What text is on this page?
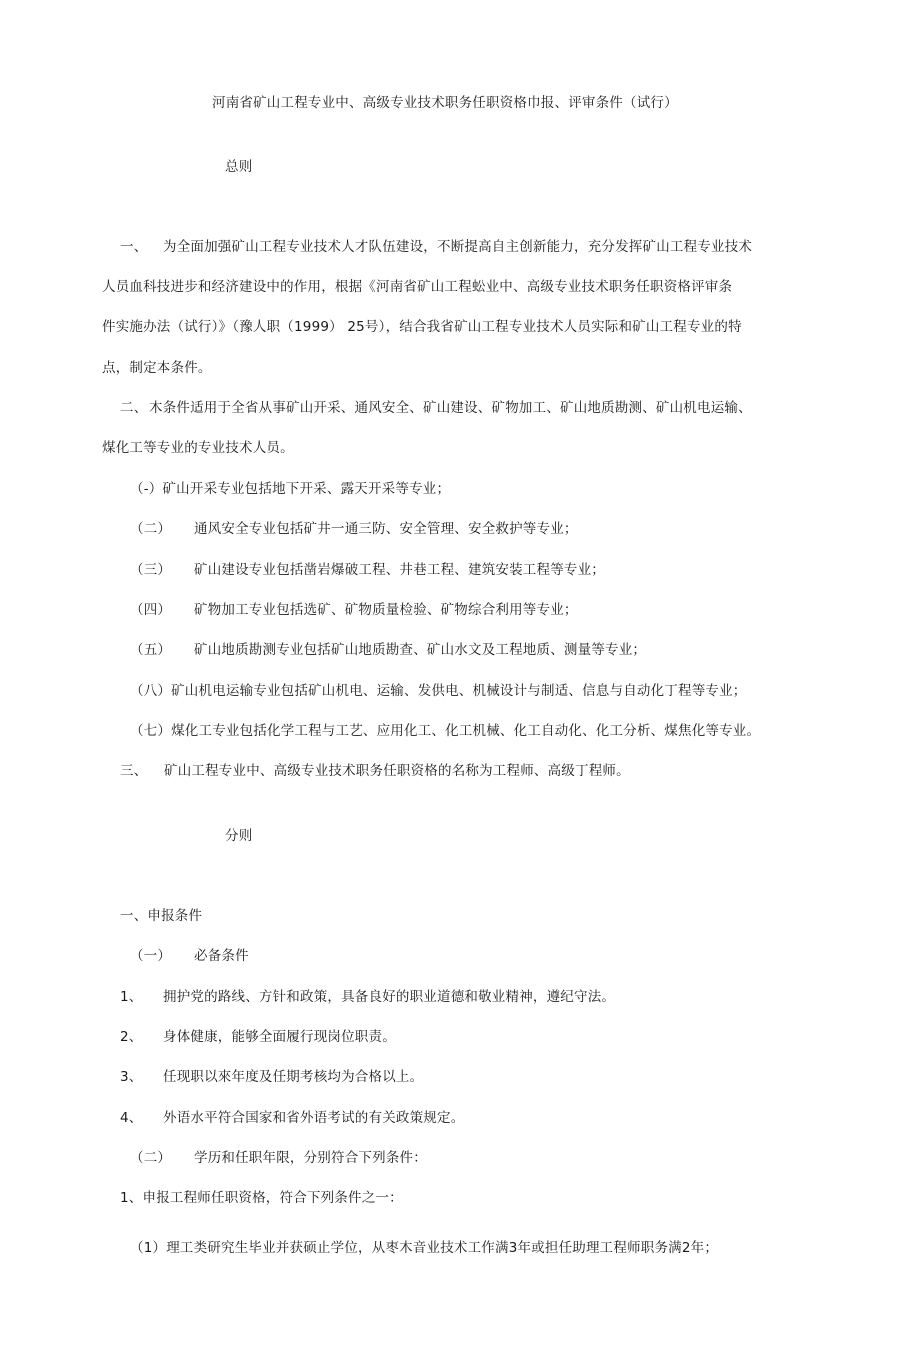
河南省矿山工程专业中、高级专业技术职务任职资格巾报、评审条件（试行）
总则
一、 为全面加强矿山工程专业技术人才队伍建设，不断提高自主创新能力，充分发挥矿山工程专业技术
人员血科技进步和经济建设中的作用，根据《河南省矿山工程蚣业中、高级专业技术职务任职资格评审条
件实施办法（试行）》（豫人职（1999） 25号），结合我省矿山工程专业技术人员实际和矿山工程专业的特
点，制定本条件。
二、 木条件适用于全省从事矿山开采、通风安全、矿山建设、矿物加工、矿山地质勘测、矿山机电运输、
煤化工等专业的专业技术人员。
（-）矿山开采专业包括地下开采、露天开采等专业；
（二） 通风安全专业包括矿井一通三防、安全管理、安全救护等专业；
（三） 矿山建设专业包括凿岩爆破工程、井巷工程、建筑安装工程等专业；
（四） 矿物加工专业包括选矿、矿物质量检验、矿物综合利用等专业；
（五） 矿山地质勘测专业包括矿山地质勘查、矿山水文及工程地质、测量等专业；
（八）矿山机电运输专业包括矿山机电、运输、发供电、机械设计与制适、信息与自动化丁程等专业；
（七）煤化工专业包括化学工程与工艺、应用化工、化工机械、化工自动化、化工分析、煤焦化等专业。
三、 矿山工程专业中、高级专业技术职务任职资格的名称为工程师、高级丁程师。
分则
一、申报条件
（一） 必备条件
1、 拥护党的路线、方针和政策，具备良好的职业道德和敬业精神，遵纪守法。
2、 身体健康，能够全面履行现岗位职责。
3、 任现职以來年度及任期考核均为合格以上。
4、 外语水平符合国家和省外语考试的有关政策规定。
（二） 学历和任职年限，分别符合下列条件：
1、申报工程师任职资格，符合下列条件之一：
（1）理工类研究生毕业并获硕止学位，从枣木音业技术工作满3年或担任助理工程师职务满2年；
